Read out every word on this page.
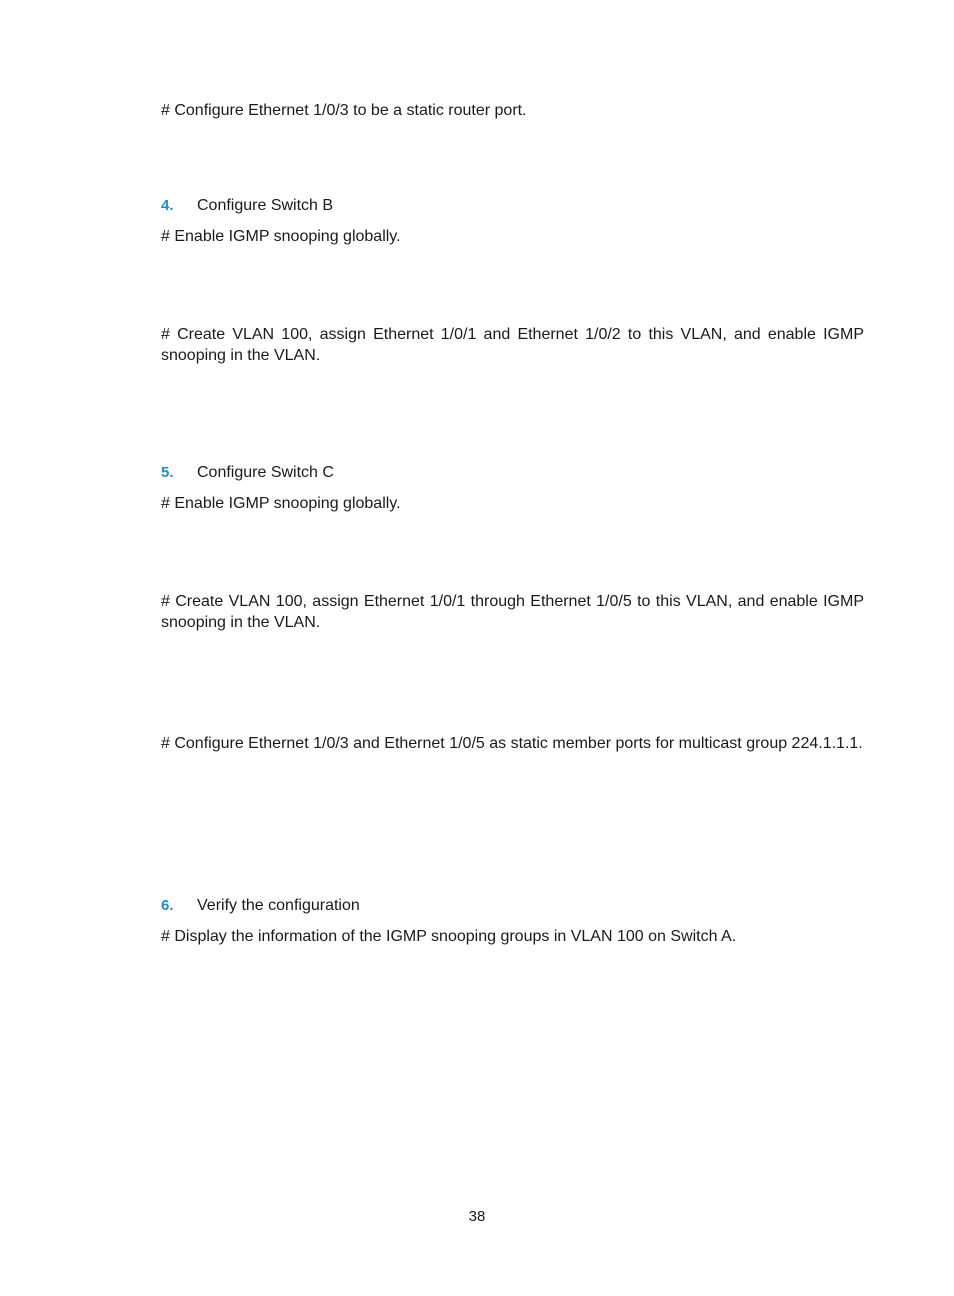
# Configure Ethernet 1/0/3 to be a static router port.

4. Configure Switch B

# Enable IGMP snooping globally.

# Create VLAN 100, assign Ethernet 1/0/1 and Ethernet 1/0/2 to this VLAN, and enable IGMP snooping in the VLAN.

5. Configure Switch C

# Enable IGMP snooping globally.

# Create VLAN 100, assign Ethernet 1/0/1 through Ethernet 1/0/5 to this VLAN, and enable IGMP snooping in the VLAN.

# Configure Ethernet 1/0/3 and Ethernet 1/0/5 as static member ports for multicast group 224.1.1.1.

6. Verify the configuration

# Display the information of the IGMP snooping groups in VLAN 100 on Switch A.

38
